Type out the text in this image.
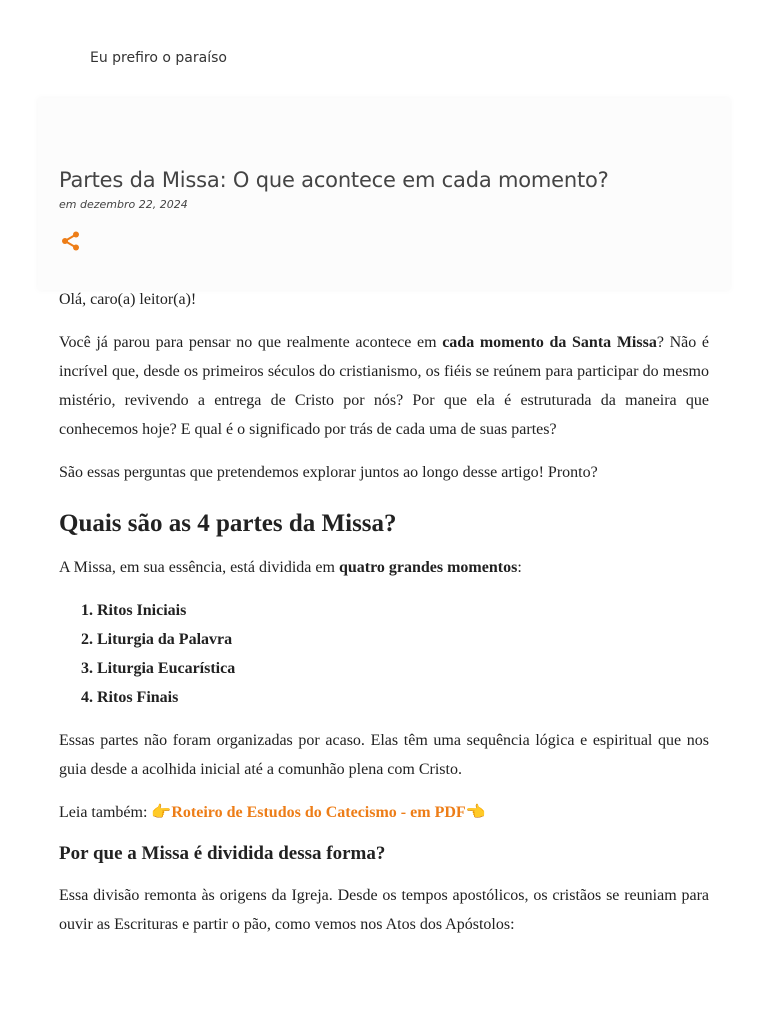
Eu prefiro o paraíso
Partes da Missa: O que acontece em cada momento?
em dezembro 22, 2024

Olá, caro(a) leitor(a)!

Você já parou para pensar no que realmente acontece em cada momento da Santa Missa? Não é incrível que, desde os primeiros séculos do cristianismo, os fiéis se reúnem para participar do mesmo mistério, revivendo a entrega de Cristo por nós? Por que ela é estruturada da maneira que conhecemos hoje? E qual é o significado por trás de cada uma de suas partes?

São essas perguntas que pretendemos explorar juntos ao longo desse artigo! Pronto?

Quais são as 4 partes da Missa?

A Missa, em sua essência, está dividida em quatro grandes momentos:

1. Ritos Iniciais
2. Liturgia da Palavra
3. Liturgia Eucarística
4. Ritos Finais

Essas partes não foram organizadas por acaso. Elas têm uma sequência lógica e espiritual que nos guia desde a acolhida inicial até a comunhão plena com Cristo.

Leia também: 👉Roteiro de Estudos do Catecismo - em PDF👈

Por que a Missa é dividida dessa forma?

Essa divisão remonta às origens da Igreja. Desde os tempos apostólicos, os cristãos se reuniam para ouvir as Escrituras e partir o pão, como vemos nos Atos dos Apóstolos:
